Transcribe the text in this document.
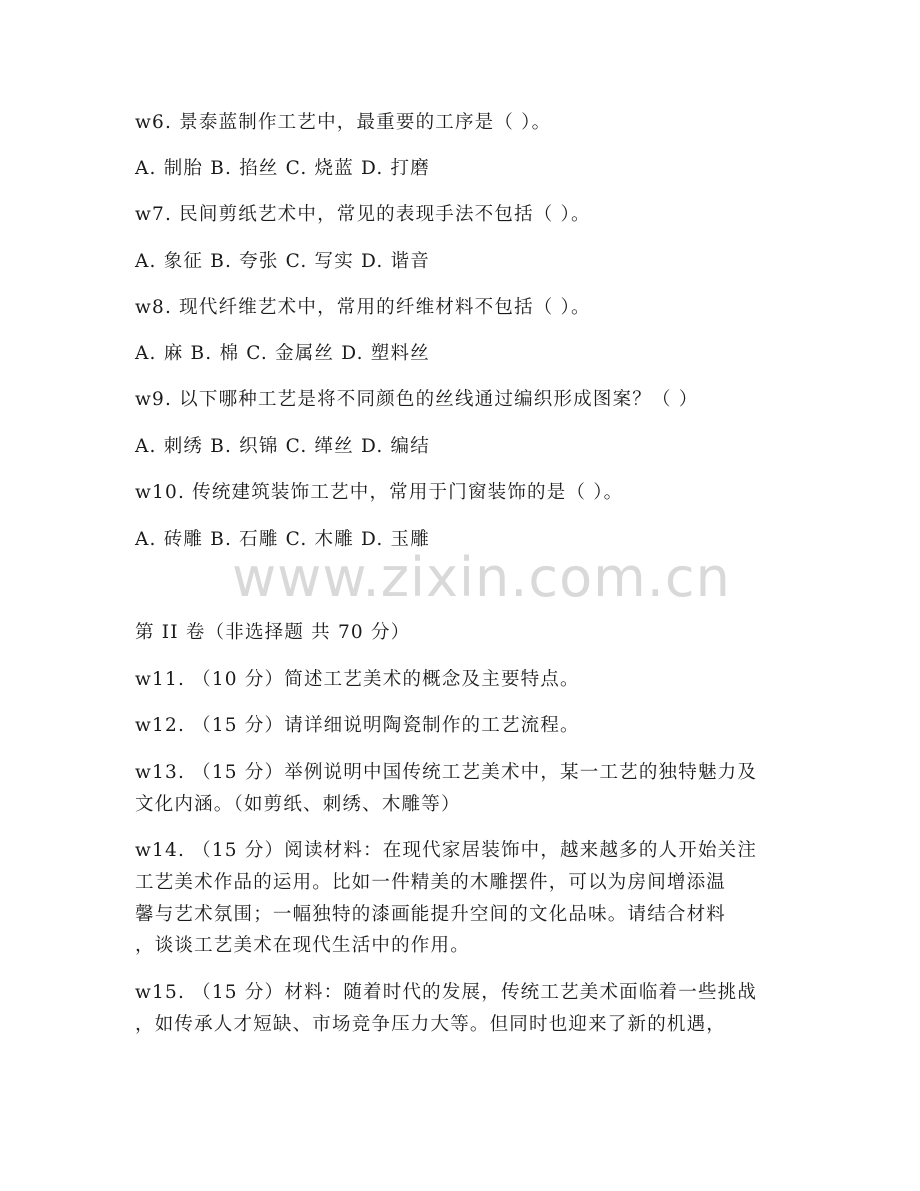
w6. 景泰蓝制作工艺中，最重要的工序是（ ）。
A. 制胎 B. 掐丝 C. 烧蓝 D. 打磨
w7. 民间剪纸艺术中，常见的表现手法不包括（ ）。
A. 象征 B. 夸张 C. 写实 D. 谐音
w8. 现代纤维艺术中，常用的纤维材料不包括（ ）。
A. 麻 B. 棉 C. 金属丝 D. 塑料丝
w9. 以下哪种工艺是将不同颜色的丝线通过编织形成图案？（ ）
A. 刺绣 B. 织锦 C. 缂丝 D. 编结
w10. 传统建筑装饰工艺中，常用于门窗装饰的是（ ）。
A. 砖雕 B. 石雕 C. 木雕 D. 玉雕
www.zixin.com.cn
第 II 卷（非选择题 共 70 分）
w11. （10 分）简述工艺美术的概念及主要特点。
w12. （15 分）请详细说明陶瓷制作的工艺流程。
w13. （15 分）举例说明中国传统工艺美术中，某一工艺的独特魅力及
文化内涵。（如剪纸、刺绣、木雕等）
w14. （15 分）阅读材料：在现代家居装饰中，越来越多的人开始关注
工艺美术作品的运用。比如一件精美的木雕摆件，可以为房间增添温
馨与艺术氛围；一幅独特的漆画能提升空间的文化品味。请结合材料
，谈谈工艺美术在现代生活中的作用。
w15. （15 分）材料：随着时代的发展，传统工艺美术面临着一些挑战
，如传承人才短缺、市场竞争压力大等。但同时也迎来了新的机遇，
